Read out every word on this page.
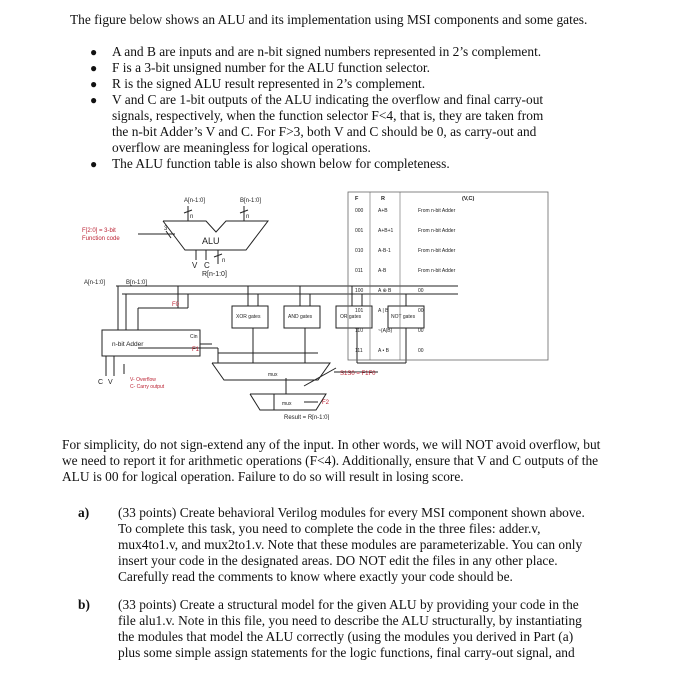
The figure below shows an ALU and its implementation using MSI components and some gates.
● A and B are inputs and are n-bit signed numbers represented in 2’s complement.
● F is a 3-bit unsigned number for the ALU function selector.
● R is the signed ALU result represented in 2’s complement.
● V and C are 1-bit outputs of the ALU indicating the overflow and final carry-out signals, respectively, when the function selector F<4, that is, they are taken from the n-bit Adder’s V and C. For F>3, both V and C should be 0, as carry-out and overflow are meaningless for logical operations.
● The ALU function table is also shown below for completeness.
A[n-1:0]	B[n-1:0]
n	n
F[2:0] = 3-bit
Function code
3
ALU
V C n
R[n-1:0]
A[n-1:0]	B[n-1:0]
XOR gates	AND gates	OR gates	NOT gates
F0
n-bit Adder
Cin
F1
mux	S1S0 = F1F0
mux	F2
Result = R[n-1:0]
V
C	V- Overflow
C- Carry output
F	R	(V,C)
000	A+B	From n-bit Adder
001	A+B+1	From n-bit Adder
010	A-B-1	From n-bit Adder
011	A-B	From n-bit Adder
100	A ⊕ B	00
101	A | B	00
110	~(A|B)	00
111	A • B	00
For simplicity, do not sign-extend any of the input. In other words, we will NOT avoid overflow, but we need to report it for arithmetic operations (F<4). Additionally, ensure that V and C outputs of the ALU is 00 for logical operation. Failure to do so will result in losing score.
a) (33 points) Create behavioral Verilog modules for every MSI component shown above. To complete this task, you need to complete the code in the three files: adder.v, mux4to1.v, and mux2to1.v. Note that these modules are parameterizable. You can only insert your code in the designated areas. DO NOT edit the files in any other place. Carefully read the comments to know where exactly your code should be.
b) (33 points) Create a structural model for the given ALU by providing your code in the file alu1.v. Note in this file, you need to describe the ALU structurally, by instantiating the modules that model the ALU correctly (using the modules you derived in Part (a) plus some simple assign statements for the logic functions, final carry-out signal, and
